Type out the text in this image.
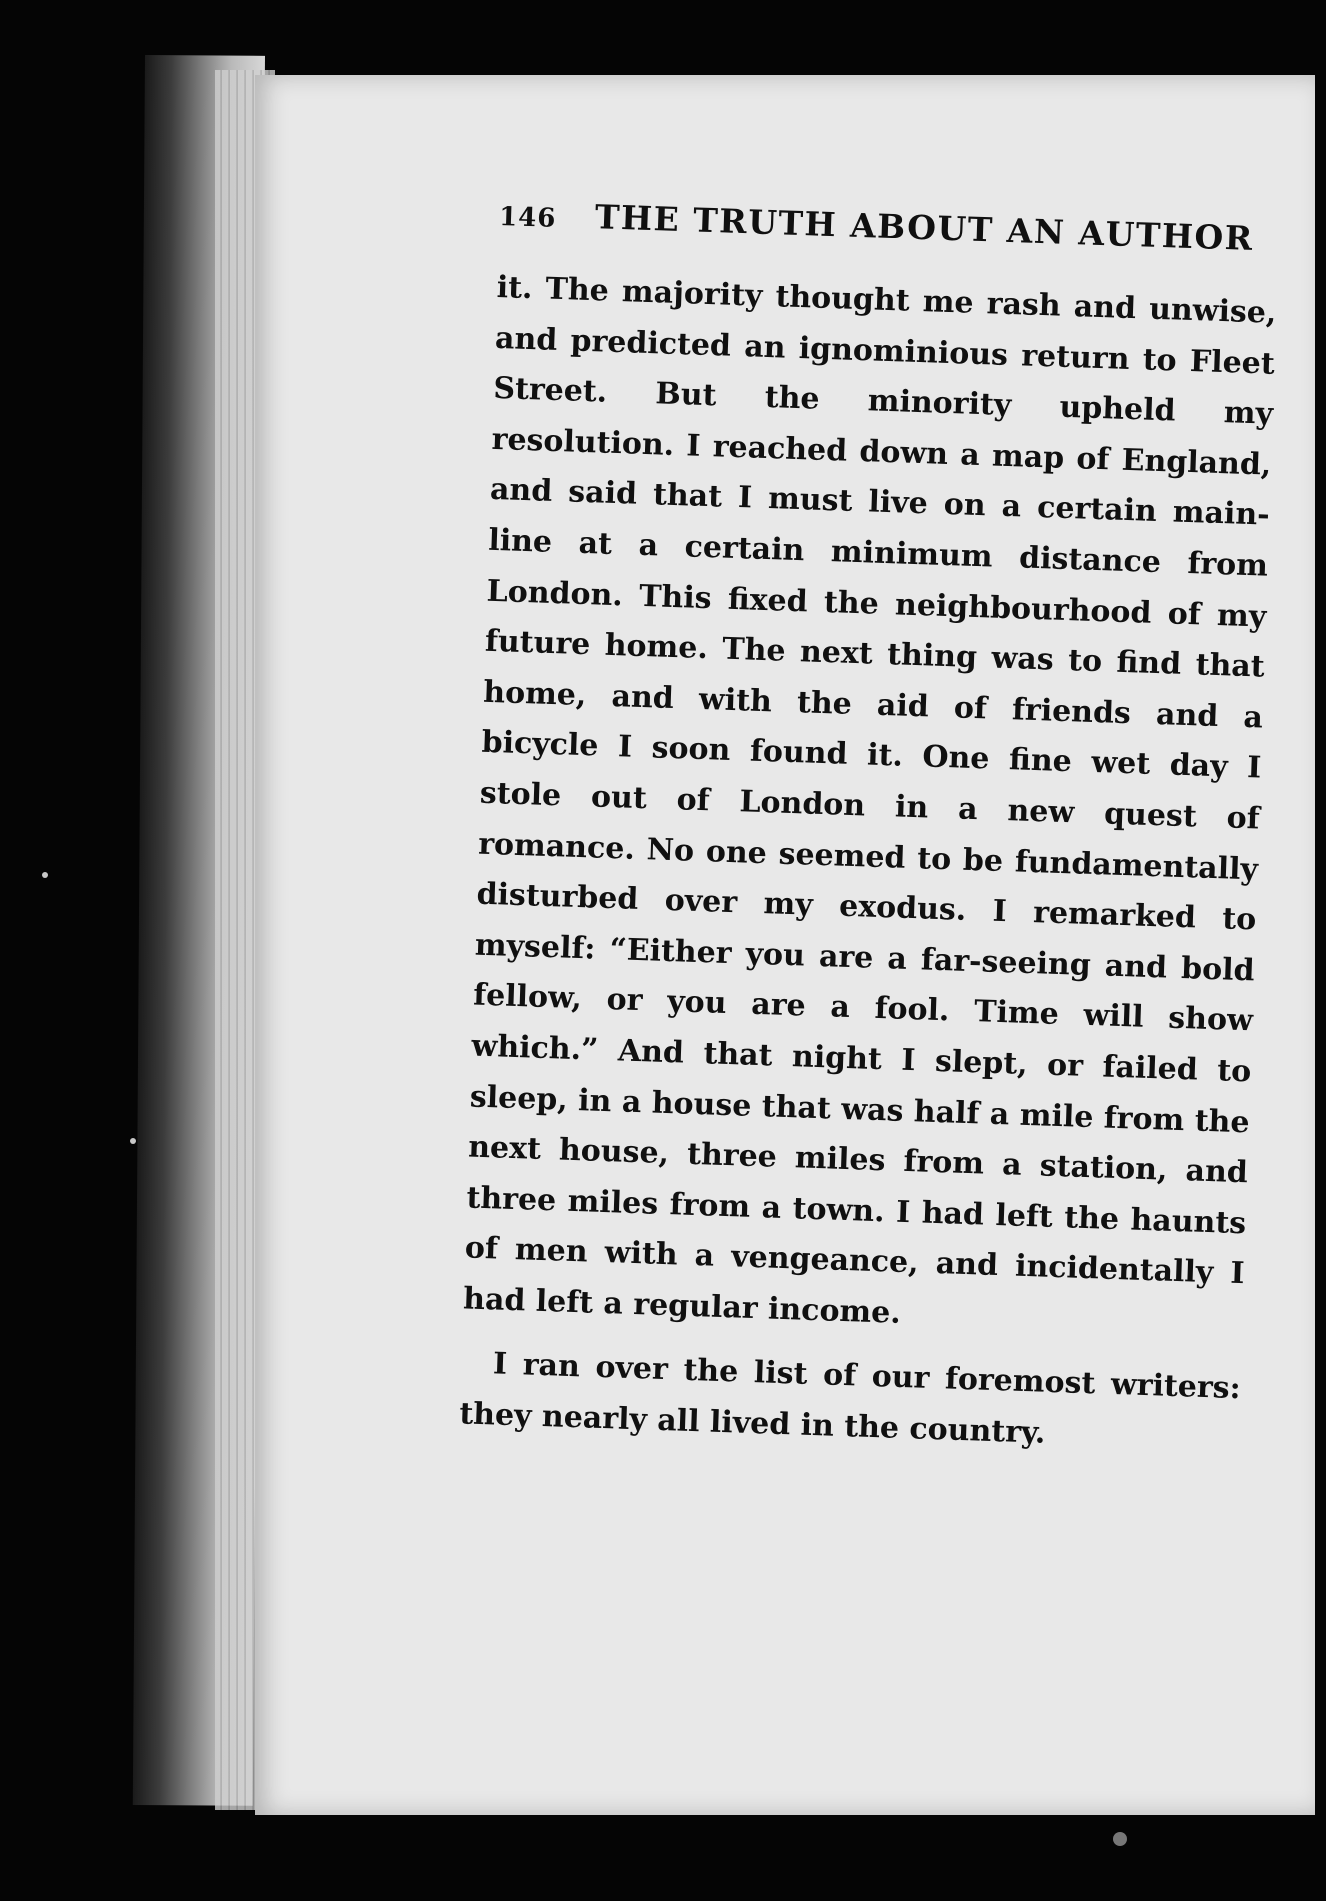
146 THE TRUTH ABOUT AN AUTHOR

it. The majority thought me rash and unwise, and predicted an ignominious return to Fleet Street. But the minority upheld my resolution. I reached down a map of England, and said that I must live on a certain main-line at a certain minimum distance from London. This fixed the neighbourhood of my future home. The next thing was to find that home, and with the aid of friends and a bicycle I soon found it. One fine wet day I stole out of London in a new quest of romance. No one seemed to be fundamentally disturbed over my exodus. I remarked to myself: “Either you are a far-seeing and bold fellow, or you are a fool. Time will show which.” And that night I slept, or failed to sleep, in a house that was half a mile from the next house, three miles from a station, and three miles from a town. I had left the haunts of men with a vengeance, and incidentally I had left a regular income.

I ran over the list of our foremost writers: they nearly all lived in the country.
